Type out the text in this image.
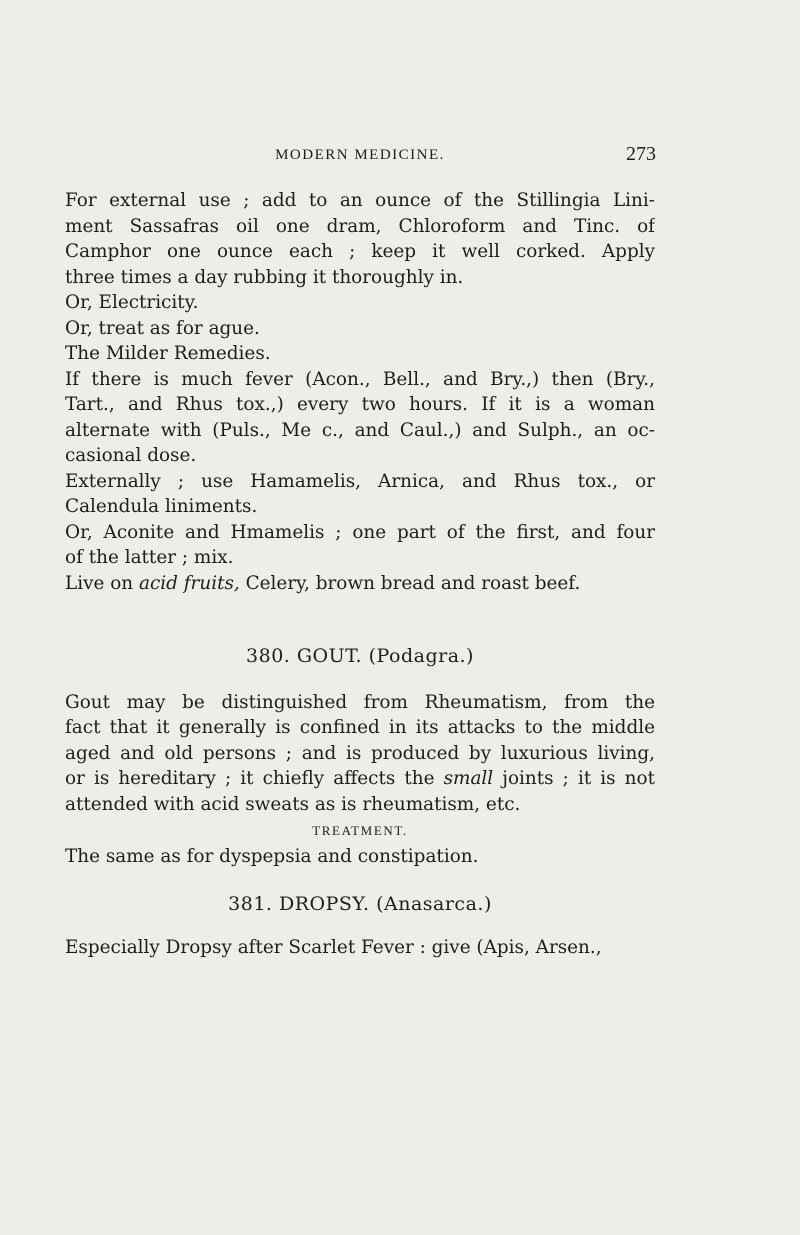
MODERN MEDICINE.	273
For external use ; add to an ounce of the Stillingia Lini-
ment Sassafras oil one dram, Chloroform and Tinc. of
Camphor one ounce each ; keep it well corked. Apply
three times a day rubbing it thoroughly in.
Or, Electricity.
Or, treat as for ague.
The Milder Remedies.
If there is much fever (Acon., Bell., and Bry.,) then (Bry.,
Tart., and Rhus tox.,) every two hours. If it is a woman
alternate with (Puls., Me c., and Caul.,) and Sulph., an oc-
casional dose.
Externally ; use Hamamelis, Arnica, and Rhus tox., or
Calendula liniments.
Or, Aconite and Hmamelis ; one part of the first, and four
of the latter ; mix.
Live on acid fruits, Celery, brown bread and roast beef.
380. GOUT. (Podagra.)
Gout may be distinguished from Rheumatism, from the
fact that it generally is confined in its attacks to the middle
aged and old persons ; and is produced by luxurious living,
or is hereditary ; it chiefly affects the small joints ; it is not
attended with acid sweats as is rheumatism, etc.
TREATMENT.
The same as for dyspepsia and constipation.
381. DROPSY. (Anasarca.)
Especially Dropsy after Scarlet Fever : give (Apis, Arsen.,
